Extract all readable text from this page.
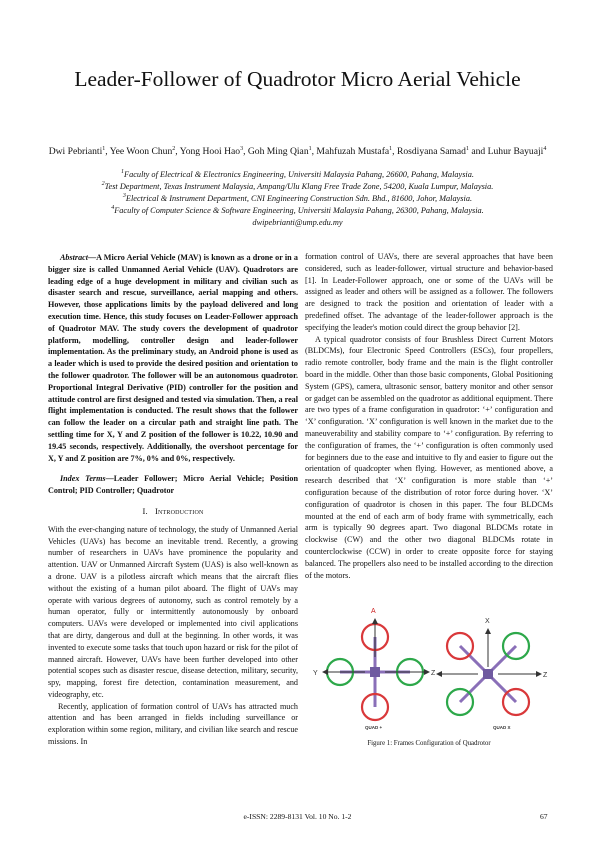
Leader-Follower of Quadrotor Micro Aerial Vehicle
Dwi Pebrianti$^1$, Yee Woon Chun$^2$, Yong Hooi Hao$^3$, Goh Ming Qian$^1$, Mahfuzah Mustafa$^1$, Rosdiyana Samad$^1$ and Luhur Bayuaji$^4$
$^1$Faculty of Electrical & Electronics Engineering, Universiti Malaysia Pahang, 26600, Pahang, Malaysia.
$^2$Test Department, Texas Instrument Malaysia, Ampang/Ulu Klang Free Trade Zone, 54200, Kuala Lumpur, Malaysia.
$^3$Electrical & Instrument Department, CNI Engineering Construction Sdn. Bhd., 81600, Johor, Malaysia.
$^4$Faculty of Computer Science & Software Engineering, Universiti Malaysia Pahang, 26300, Pahang, Malaysia.
dwipebrianti@ump.edu.my

Abstract—A Micro Aerial Vehicle (MAV) is known as a drone or in a bigger size is called Unmanned Aerial Vehicle (UAV). Quadrotors are leading edge of a huge development in military and civilian such as disaster search and rescue, surveillance, aerial mapping and others. However, those applications limits by the payload delivered and long execution time. Hence, this study focuses on Leader-Follower approach of Quadrotor MAV. The study covers the development of quadrotor platform, modelling, controller design and leader-follower implementation. As the preliminary study, an Android phone is used as a leader which is used to provide the desired position and orientation to the follower quadrotor. The follower will be an autonomous quadrotor. Proportional Integral Derivative (PID) controller for the position and attitude control are first designed and tested via simulation. Then, a real flight implementation is conducted. The result shows that the follower can follow the leader on a circular path and straight line path. The settling time for X, Y and Z position of the follower is 10.22, 10.90 and 19.45 seconds, respectively. Additionally, the overshoot percentage for X, Y and Z position are 7%, 0% and 0%, respectively.

Index Terms—Leader Follower; Micro Aerial Vehicle; Position Control; PID Controller; Quadrotor

I. Introduction

With the ever-changing nature of technology, the study of Unmanned Aerial Vehicles (UAVs) has become an inevitable trend. Recently, a growing number of researchers in UAVs have prominence the popularity and attention. UAV or Unmanned Aircraft System (UAS) is also well-known as a drone. UAV is a pilotless aircraft which means that the aircraft flies without the existing of a human pilot aboard. The flight of UAVs may operate with various degrees of autonomy, such as control remotely by a human operator, fully or intermittently autonomously by onboard computers. UAVs were developed or implemented into civil applications that are dirty, dangerous and dull at the beginning. In other words, it was invented to execute some tasks that touch upon hazard or risk for the pilot of manned aircraft. However, UAVs have been further developed into other potential scopes such as disaster rescue, disease detection, military, security, spy, mapping, forest fire detection, contamination measurement, and videography, etc.

Recently, application of formation control of UAVs has attracted much attention and has been arranged in fields including surveillance or exploration within some region, military, and civilian like search and rescue missions. In

formation control of UAVs, there are several approaches that have been considered, such as leader-follower, virtual structure and behavior-based [1]. In Leader-Follower approach, one or some of the UAVs will be assigned as leader and others will be assigned as a follower. The followers are designed to track the position and orientation of leader with a predefined offset. The advantage of the leader-follower approach is the specifying the leader's motion could direct the group behavior [2].

A typical quadrotor consists of four Brushless Direct Current Motors (BLDCMs), four Electronic Speed Controllers (ESCs), four propellers, radio remote controller, body frame and the main is the flight controller board in the middle. Other than those basic components, Global Positioning System (GPS), camera, ultrasonic sensor, battery monitor and other sensor or gadget can be assembled on the quadrotor as additional equipment. There are two types of a frame configuration in quadrotor: ‘+’ configuration and ‘X’ configuration. ‘X’ configuration is well known in the market due to the maneuverability and stability compare to ‘+’ configuration. By referring to the configuration of frames, the ‘+’ configuration is often commonly used for beginners due to the ease and intuitive to fly and easier to figure out the orientation of quadcopter when flying. However, as mentioned above, a research described that ‘X’ configuration is more stable than ‘+’ configuration because of the distribution of rotor force during hover. ‘X’ configuration of quadrotor is chosen in this paper. The four BLDCMs mounted at the end of each arm of body frame with symmetrically, each arm is typically 90 degrees apart. Two diagonal BLDCMs rotate in clockwise (CW) and the other two diagonal BLDCMs rotate in counterclockwise (CCW) in order to create opposite force for staying balanced. The propellers also need to be installed according to the direction of the motors.

A
Y	Z
QUAD +
X
Z
QUAD X
Figure 1: Frames Configuration of Quadrotor
e-ISSN: 2289-8131 Vol. 10 No. 1-2	67
